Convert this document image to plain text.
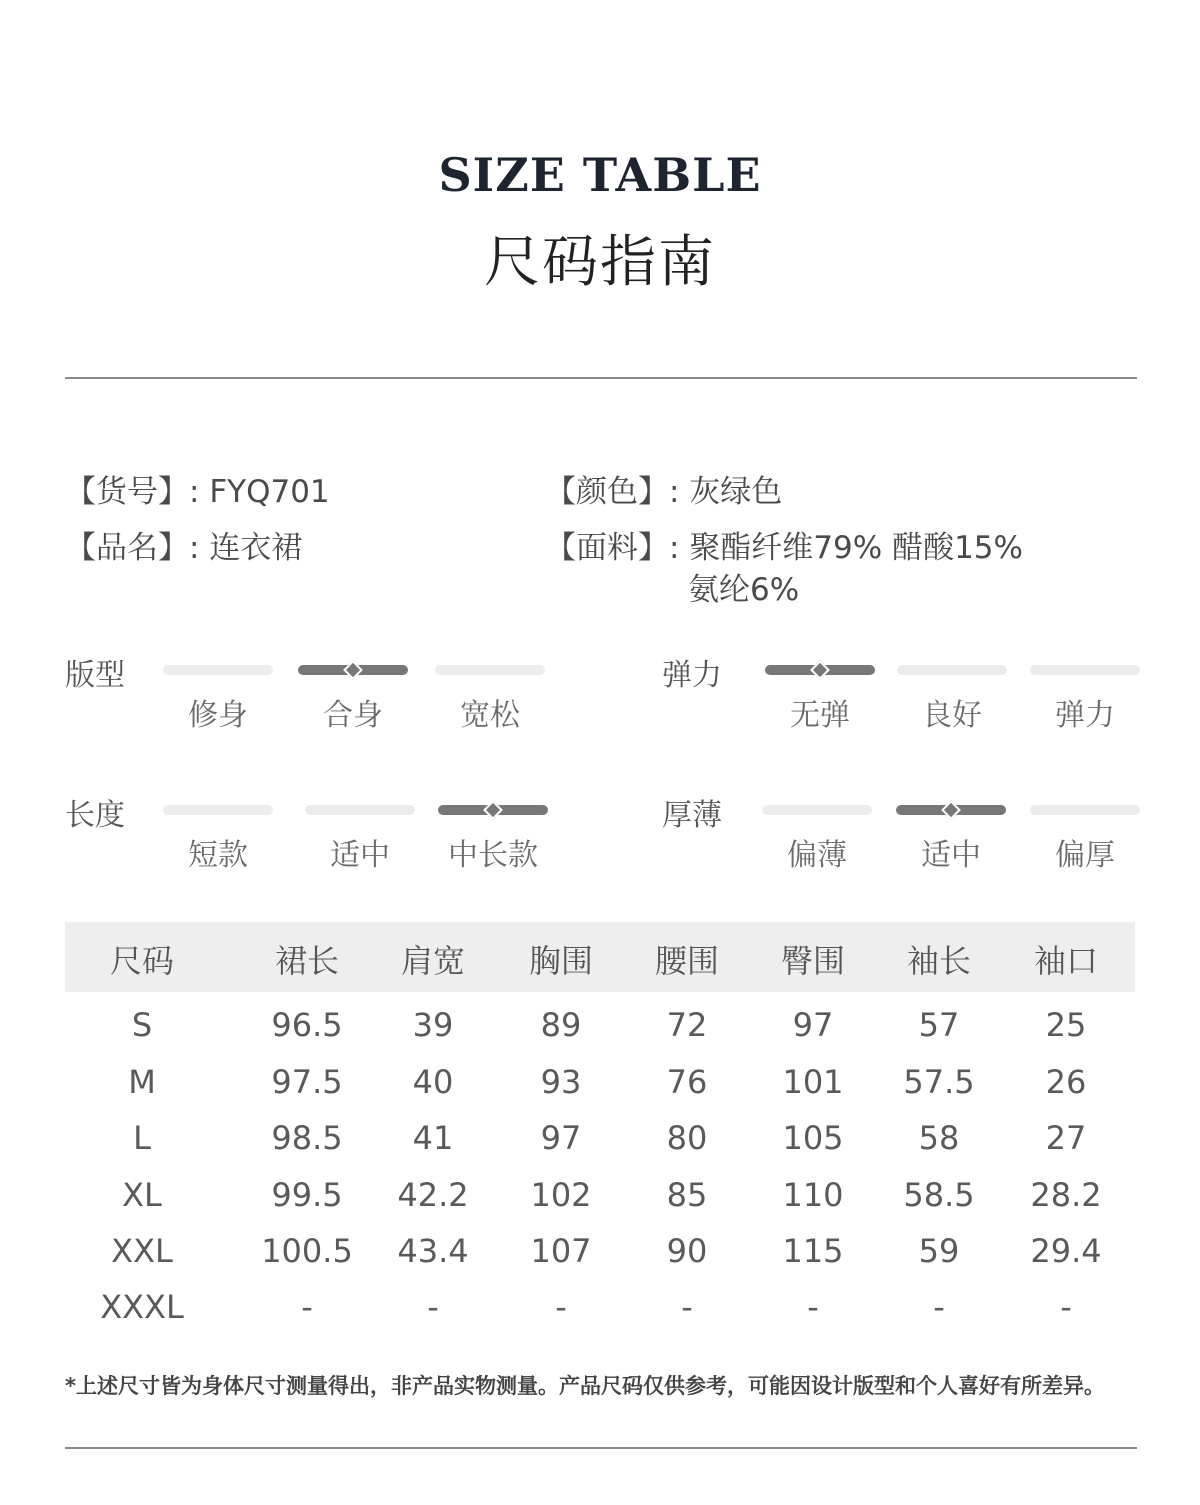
SIZE TABLE
尺码指南
【货号】: FYQ701
【品名】: 连衣裙
【颜色】: 灰绿色
【面料】: 聚酯纤维79% 醋酸15%
氨纶6%
版型
修身	合身	宽松
弹力
无弹	良好	弹力
长度
短款	适中	中长款
厚薄
偏薄	适中	偏厚
尺码	裙长	肩宽	胸围	腰围	臀围	袖长	袖口
S	96.5	39	89	72	97	57	25
M	97.5	40	93	76	101	57.5	26
L	98.5	41	97	80	105	58	27
XL	99.5	42.2	102	85	110	58.5	28.2
XXL	100.5	43.4	107	90	115	59	29.4
XXXL	-	-	-	-	-	-	-
*上述尺寸皆为身体尺寸测量得出，非产品实物测量。产品尺码仅供参考，可能因设计版型和个人喜好有所差异。
